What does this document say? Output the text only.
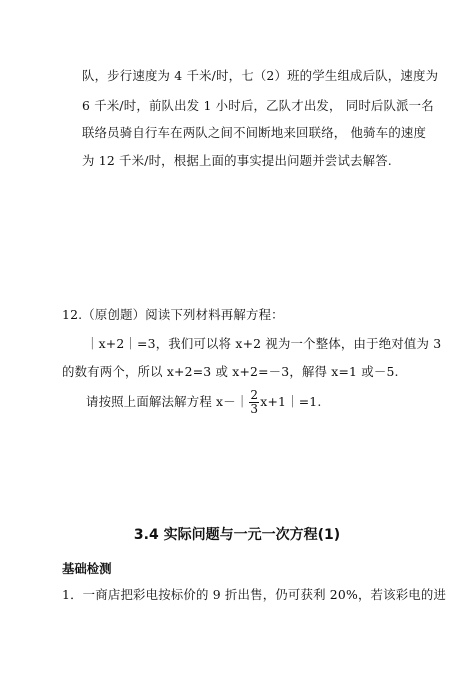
队，步行速度为 4 千米/时，七（2）班的学生组成后队，速度为
6 千米/时，前队出发 1 小时后，乙队才出发， 同时后队派一名
联络员骑自行车在两队之间不间断地来回联络， 他骑车的速度
为 12 千米/时，根据上面的事实提出问题并尝试去解答.
12.（原创题）阅读下列材料再解方程：
｜x+2｜=3，我们可以将 x+2 视为一个整体，由于绝对值为 3
的数有两个，所以 x+2=3 或 x+2=－3，解得 x=1 或－5.
请按照上面解法解方程 x－｜ $\frac{2}{3}$ x+1｜=1.
3.4 实际问题与一元一次方程(1)
基础检测
1．一商店把彩电按标价的 9 折出售，仍可获利 20%，若该彩电的进
